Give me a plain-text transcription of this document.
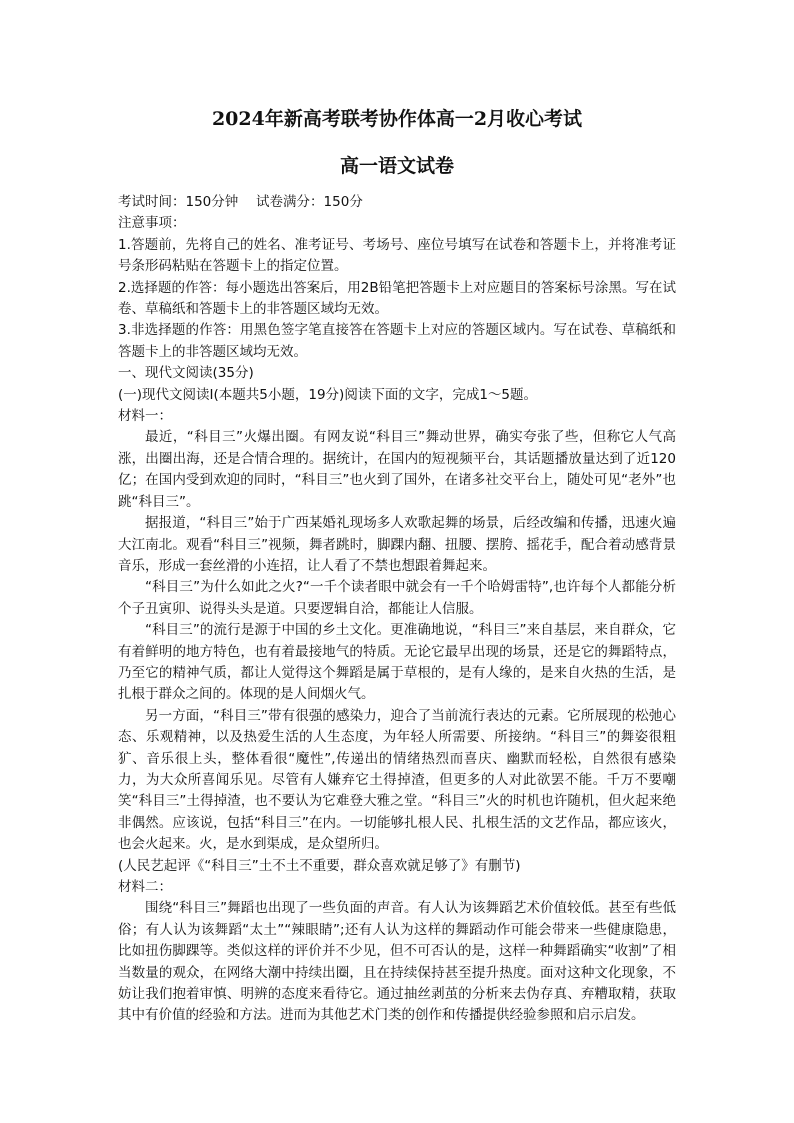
2024年新高考联考协作体高一2月收心考试
高一语文试卷

考试时间：150分钟　 试卷满分：150分

注意事项：

1.答题前，先将自己的姓名、准考证号、考场号、座位号填写在试卷和答题卡上，并将准考证号条形码粘贴在答题卡上的指定位置。

2.选择题的作答：每小题选出答案后，用2B铅笔把答题卡上对应题目的答案标号涂黑。写在试卷、草稿纸和答题卡上的非答题区域均无效。

3.非选择题的作答：用黑色签字笔直接答在答题卡上对应的答题区域内。写在试卷、草稿纸和答题卡上的非答题区域均无效。

一、现代文阅读(35分)

(一)现代文阅读I(本题共5小题，19分)阅读下面的文字，完成1～5题。

材料一：

最近，“科目三”火爆出圈。有网友说“科目三”舞动世界，确实夸张了些，但称它人气高涨，出圈出海，还是合情合理的。据统计，在国内的短视频平台，其话题播放量达到了近120亿；在国内受到欢迎的同时，“科目三”也火到了国外，在诸多社交平台上，随处可见“老外”也跳“科目三”。

据报道，“科目三”始于广西某婚礼现场多人欢歌起舞的场景，后经改编和传播，迅速火遍大江南北。观看“科目三”视频，舞者跳时，脚踝内翻、扭腰、摆胯、摇花手，配合着动感背景音乐，形成一套丝滑的小连招，让人看了不禁也想跟着舞起来。

“科目三”为什么如此之火?“一千个读者眼中就会有一千个哈姆雷特”,也许每个人都能分析个子丑寅卯、说得头头是道。只要逻辑自洽，都能让人信服。

“科目三”的流行是源于中国的乡土文化。更准确地说，“科目三”来自基层，来自群众，它有着鲜明的地方特色，也有着最接地气的特质。无论它最早出现的场景，还是它的舞蹈特点，乃至它的精神气质，都让人觉得这个舞蹈是属于草根的，是有人缘的，是来自火热的生活，是扎根于群众之间的。体现的是人间烟火气。

另一方面，“科目三”带有很强的感染力，迎合了当前流行表达的元素。它所展现的松弛心态、乐观精神，以及热爱生活的人生态度，为年轻人所需要、所接纳。“科目三”的舞姿很粗犷、音乐很上头，整体看很“魔性”,传递出的情绪热烈而喜庆、幽默而轻松，自然很有感染力，为大众所喜闻乐见。尽管有人嫌弃它土得掉渣，但更多的人对此欲罢不能。千万不要嘲笑“科目三”土得掉渣，也不要认为它难登大雅之堂。“科目三”火的时机也许随机，但火起来绝非偶然。应该说，包括“科目三”在内。一切能够扎根人民、扎根生活的文艺作品，都应该火，也会火起来。火，是水到渠成，是众望所归。

(人民艺起评《“科目三”土不土不重要，群众喜欢就足够了》有删节)

材料二：

围绕“科目三”舞蹈也出现了一些负面的声音。有人认为该舞蹈艺术价值较低。甚至有些低俗；有人认为该舞蹈“太土”“辣眼睛”;还有人认为这样的舞蹈动作可能会带来一些健康隐患，比如扭伤脚踝等。类似这样的评价并不少见，但不可否认的是，这样一种舞蹈确实“收割”了相当数量的观众，在网络大潮中持续出圈，且在持续保持甚至提升热度。面对这种文化现象，不妨让我们抱着审慎、明辨的态度来看待它。通过抽丝剥茧的分析来去伪存真、弃糟取精，获取其中有价值的经验和方法。进而为其他艺术门类的创作和传播提供经验参照和启示启发。
